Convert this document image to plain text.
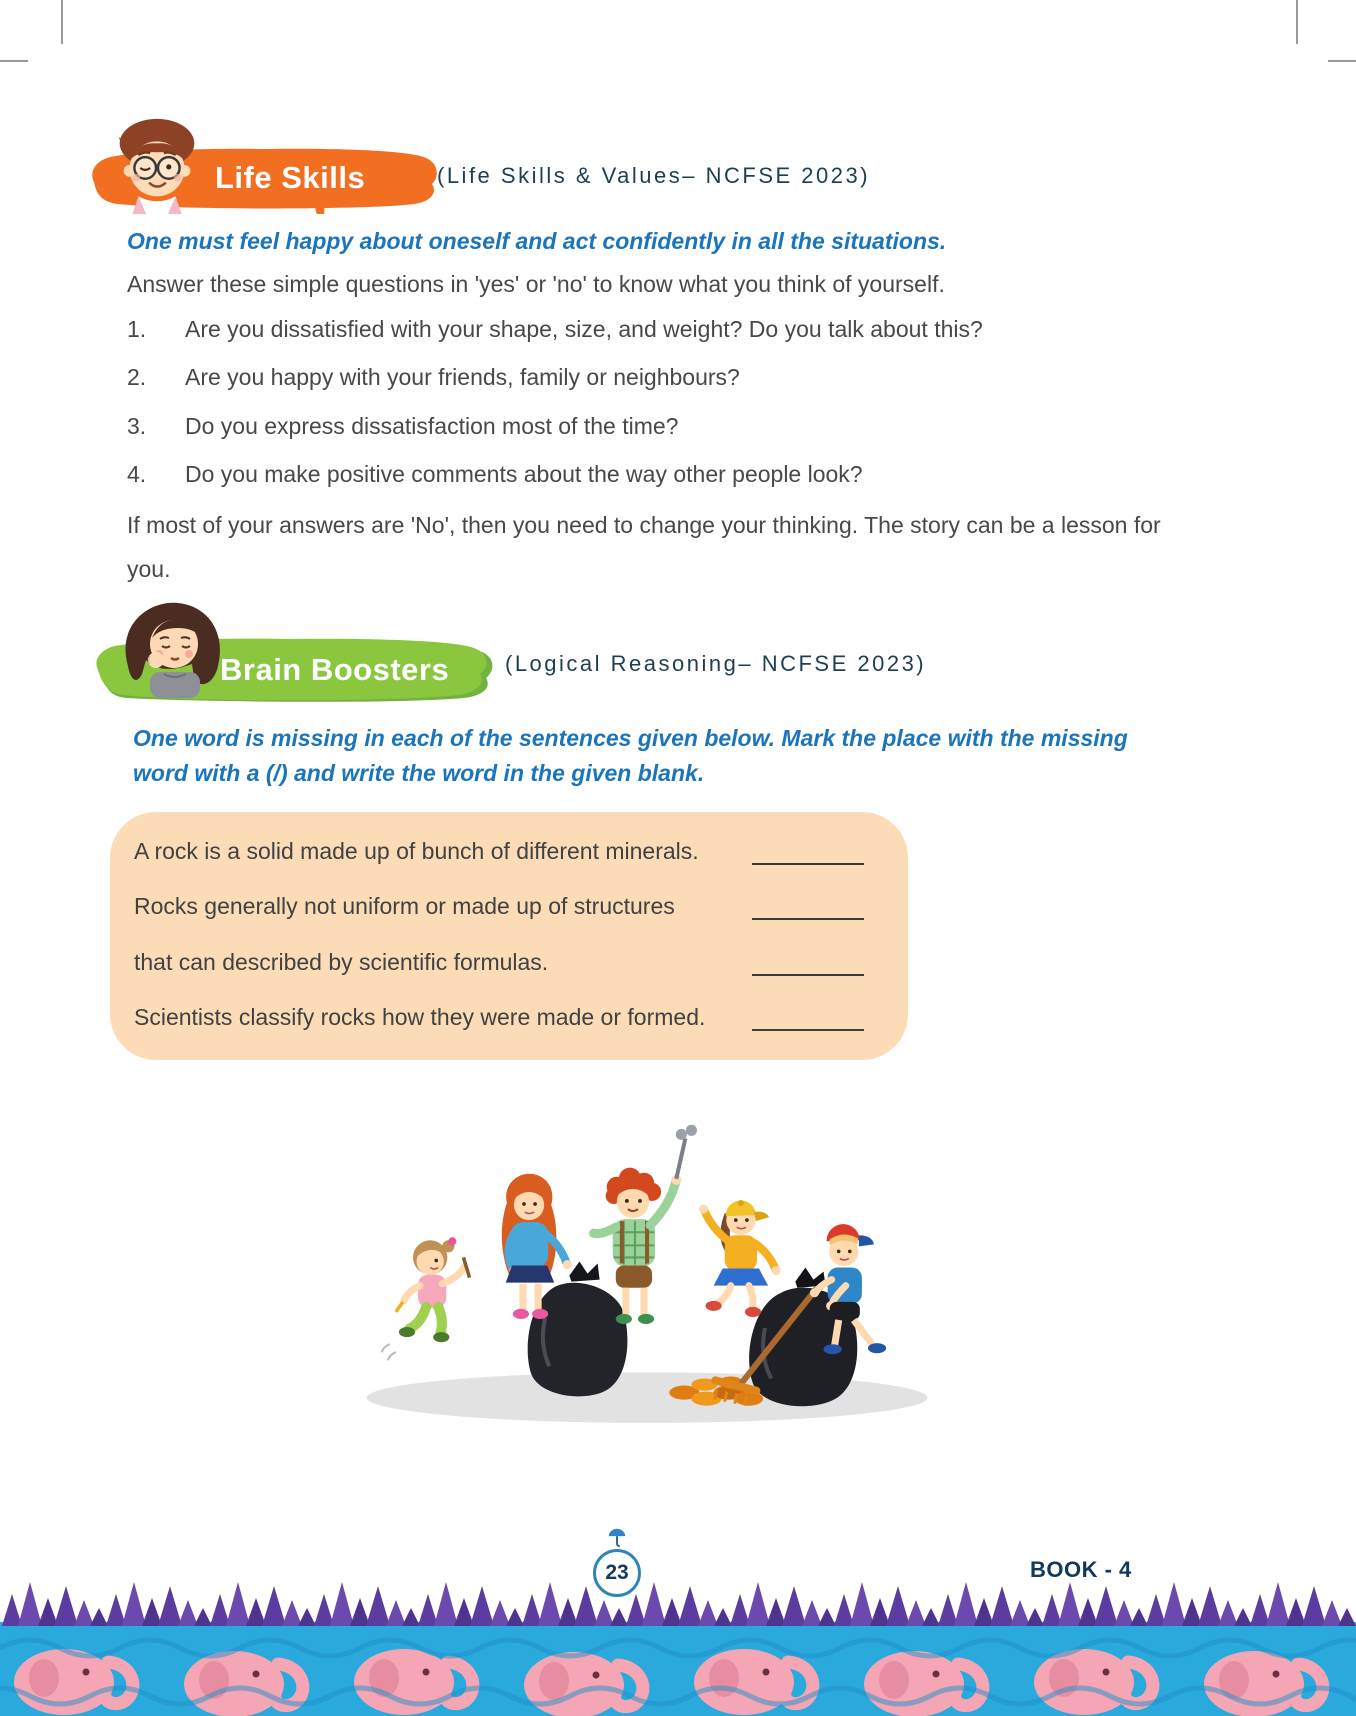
Life Skills	(Life Skills & Values– NCFSE 2023)

One must feel happy about oneself and act confidently in all the situations.

Answer these simple questions in 'yes' or 'no' to know what you think of yourself.

1. Are you dissatisfied with your shape, size, and weight? Do you talk about this?
2. Are you happy with your friends, family or neighbours?
3. Do you express dissatisfaction most of the time?
4. Do you make positive comments about the way other people look?

If most of your answers are 'No', then you need to change your thinking. The story can be a lesson for you.

Brain Boosters	(Logical Reasoning– NCFSE 2023)

One word is missing in each of the sentences given below. Mark the place with the missing word with a (/) and write the word in the given blank.

A rock is a solid made up of bunch of different minerals.
Rocks generally not uniform or made up of structures
that can described by scientific formulas.
Scientists classify rocks how they were made or formed.
23	BOOK - 4
